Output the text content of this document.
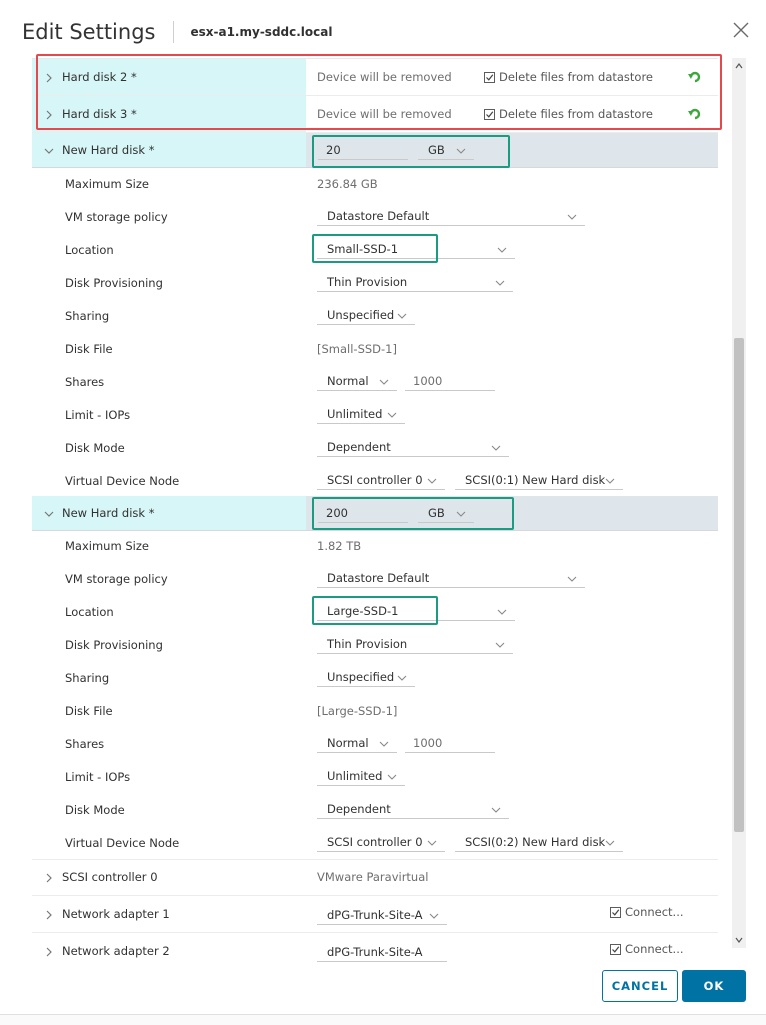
Edit Settings	esx-a1.my-sddc.local
Hard disk 2 *	Device will be removed	Delete files from datastore
Hard disk 3 *	Device will be removed	Delete files from datastore
New Hard disk *	20	GB
Maximum Size	236.84 GB
VM storage policy	Datastore Default
Location	Small-SSD-1
Disk Provisioning	Thin Provision
Sharing	Unspecified
Disk File	[Small-SSD-1]
Shares	Normal	1000
Limit - IOPs	Unlimited
Disk Mode	Dependent
Virtual Device Node	SCSI controller 0	SCSI(0:1) New Hard disk
New Hard disk *	200	GB
Maximum Size	1.82 TB
VM storage policy	Datastore Default
Location	Large-SSD-1
Disk Provisioning	Thin Provision
Sharing	Unspecified
Disk File	[Large-SSD-1]
Shares	Normal	1000
Limit - IOPs	Unlimited
Disk Mode	Dependent
Virtual Device Node	SCSI controller 0	SCSI(0:2) New Hard disk
SCSI controller 0	VMware Paravirtual
Network adapter 1	dPG-Trunk-Site-A	Connect...
Network adapter 2	dPG-Trunk-Site-A	Connect...
CANCEL	OK
